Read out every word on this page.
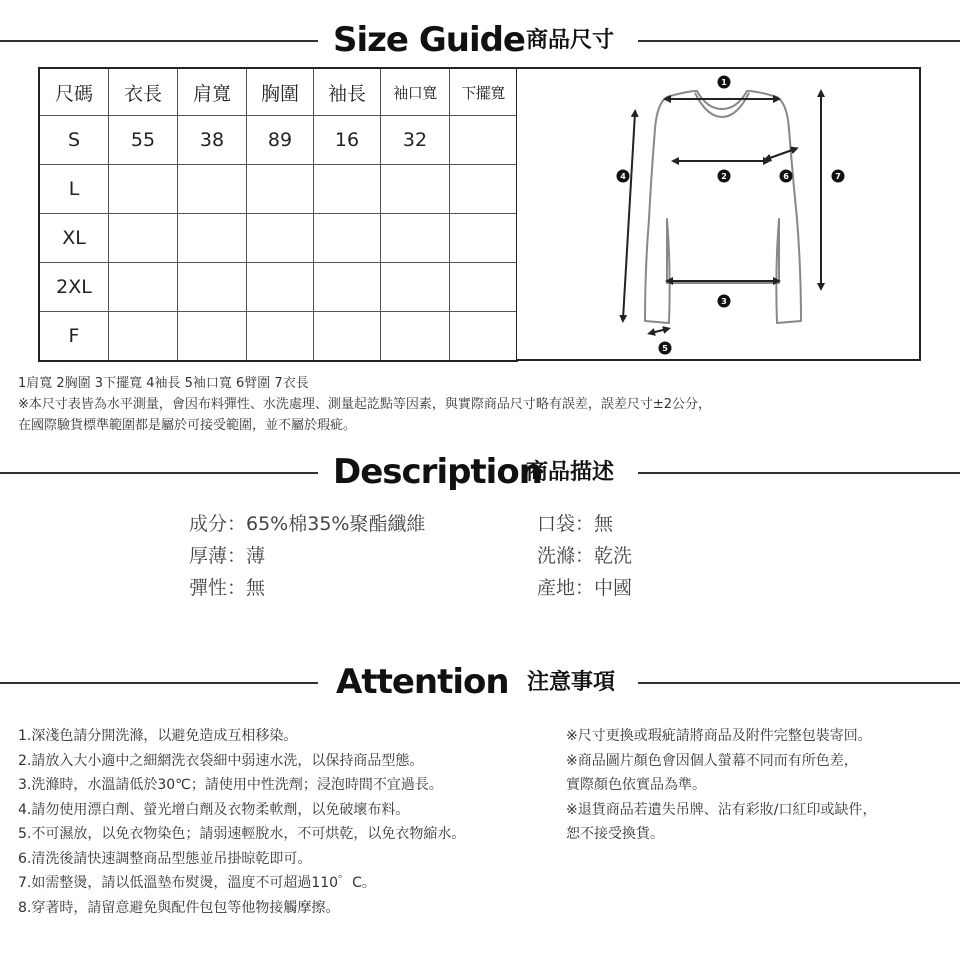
Size Guide 商品尺寸
尺碼	衣長	肩寬	胸圍	袖長	袖口寬	下擺寬
S	55	38	89	16	32	
L						
XL						
2XL						
F						
1
2
3
4
5
6	7
1肩寬 2胸圍 3下擺寬 4袖長 5袖口寬 6臂圍 7衣長
※本尺寸表皆為水平測量，會因布料彈性、水洗處理、測量起訖點等因素，與實際商品尺寸略有誤差，誤差尺寸±2公分，
在國際驗貨標準範圍都是屬於可接受範圍，並不屬於瑕疵。
Description
商品描述
成分：65%棉35%聚酯纖維
厚薄：薄
彈性：無
口袋：無
洗滌：乾洗
產地：中國
Attention 注意事項
1.深淺色請分開洗滌，以避免造成互相移染。
2.請放入大小適中之細網洗衣袋細中弱速水洗，以保持商品型態。
3.洗滌時，水溫請低於30℃；請使用中性洗劑；浸泡時間不宜過長。
4.請勿使用漂白劑、螢光增白劑及衣物柔軟劑，以免破壞布料。
5.不可濕放，以免衣物染色；請弱速輕脫水，不可烘乾，以免衣物縮水。
6.清洗後請快速調整商品型態並吊掛晾乾即可。
7.如需整燙，請以低溫墊布熨燙，溫度不可超過110゜C。
8.穿著時，請留意避免與配件包包等他物接觸摩擦。
※尺寸更換或瑕疵請將商品及附件完整包裝寄回。
※商品圖片顏色會因個人螢幕不同而有所色差，
實際顏色依實品為準。
※退貨商品若遺失吊牌、沾有彩妝/口紅印或缺件，
恕不接受換貨。
